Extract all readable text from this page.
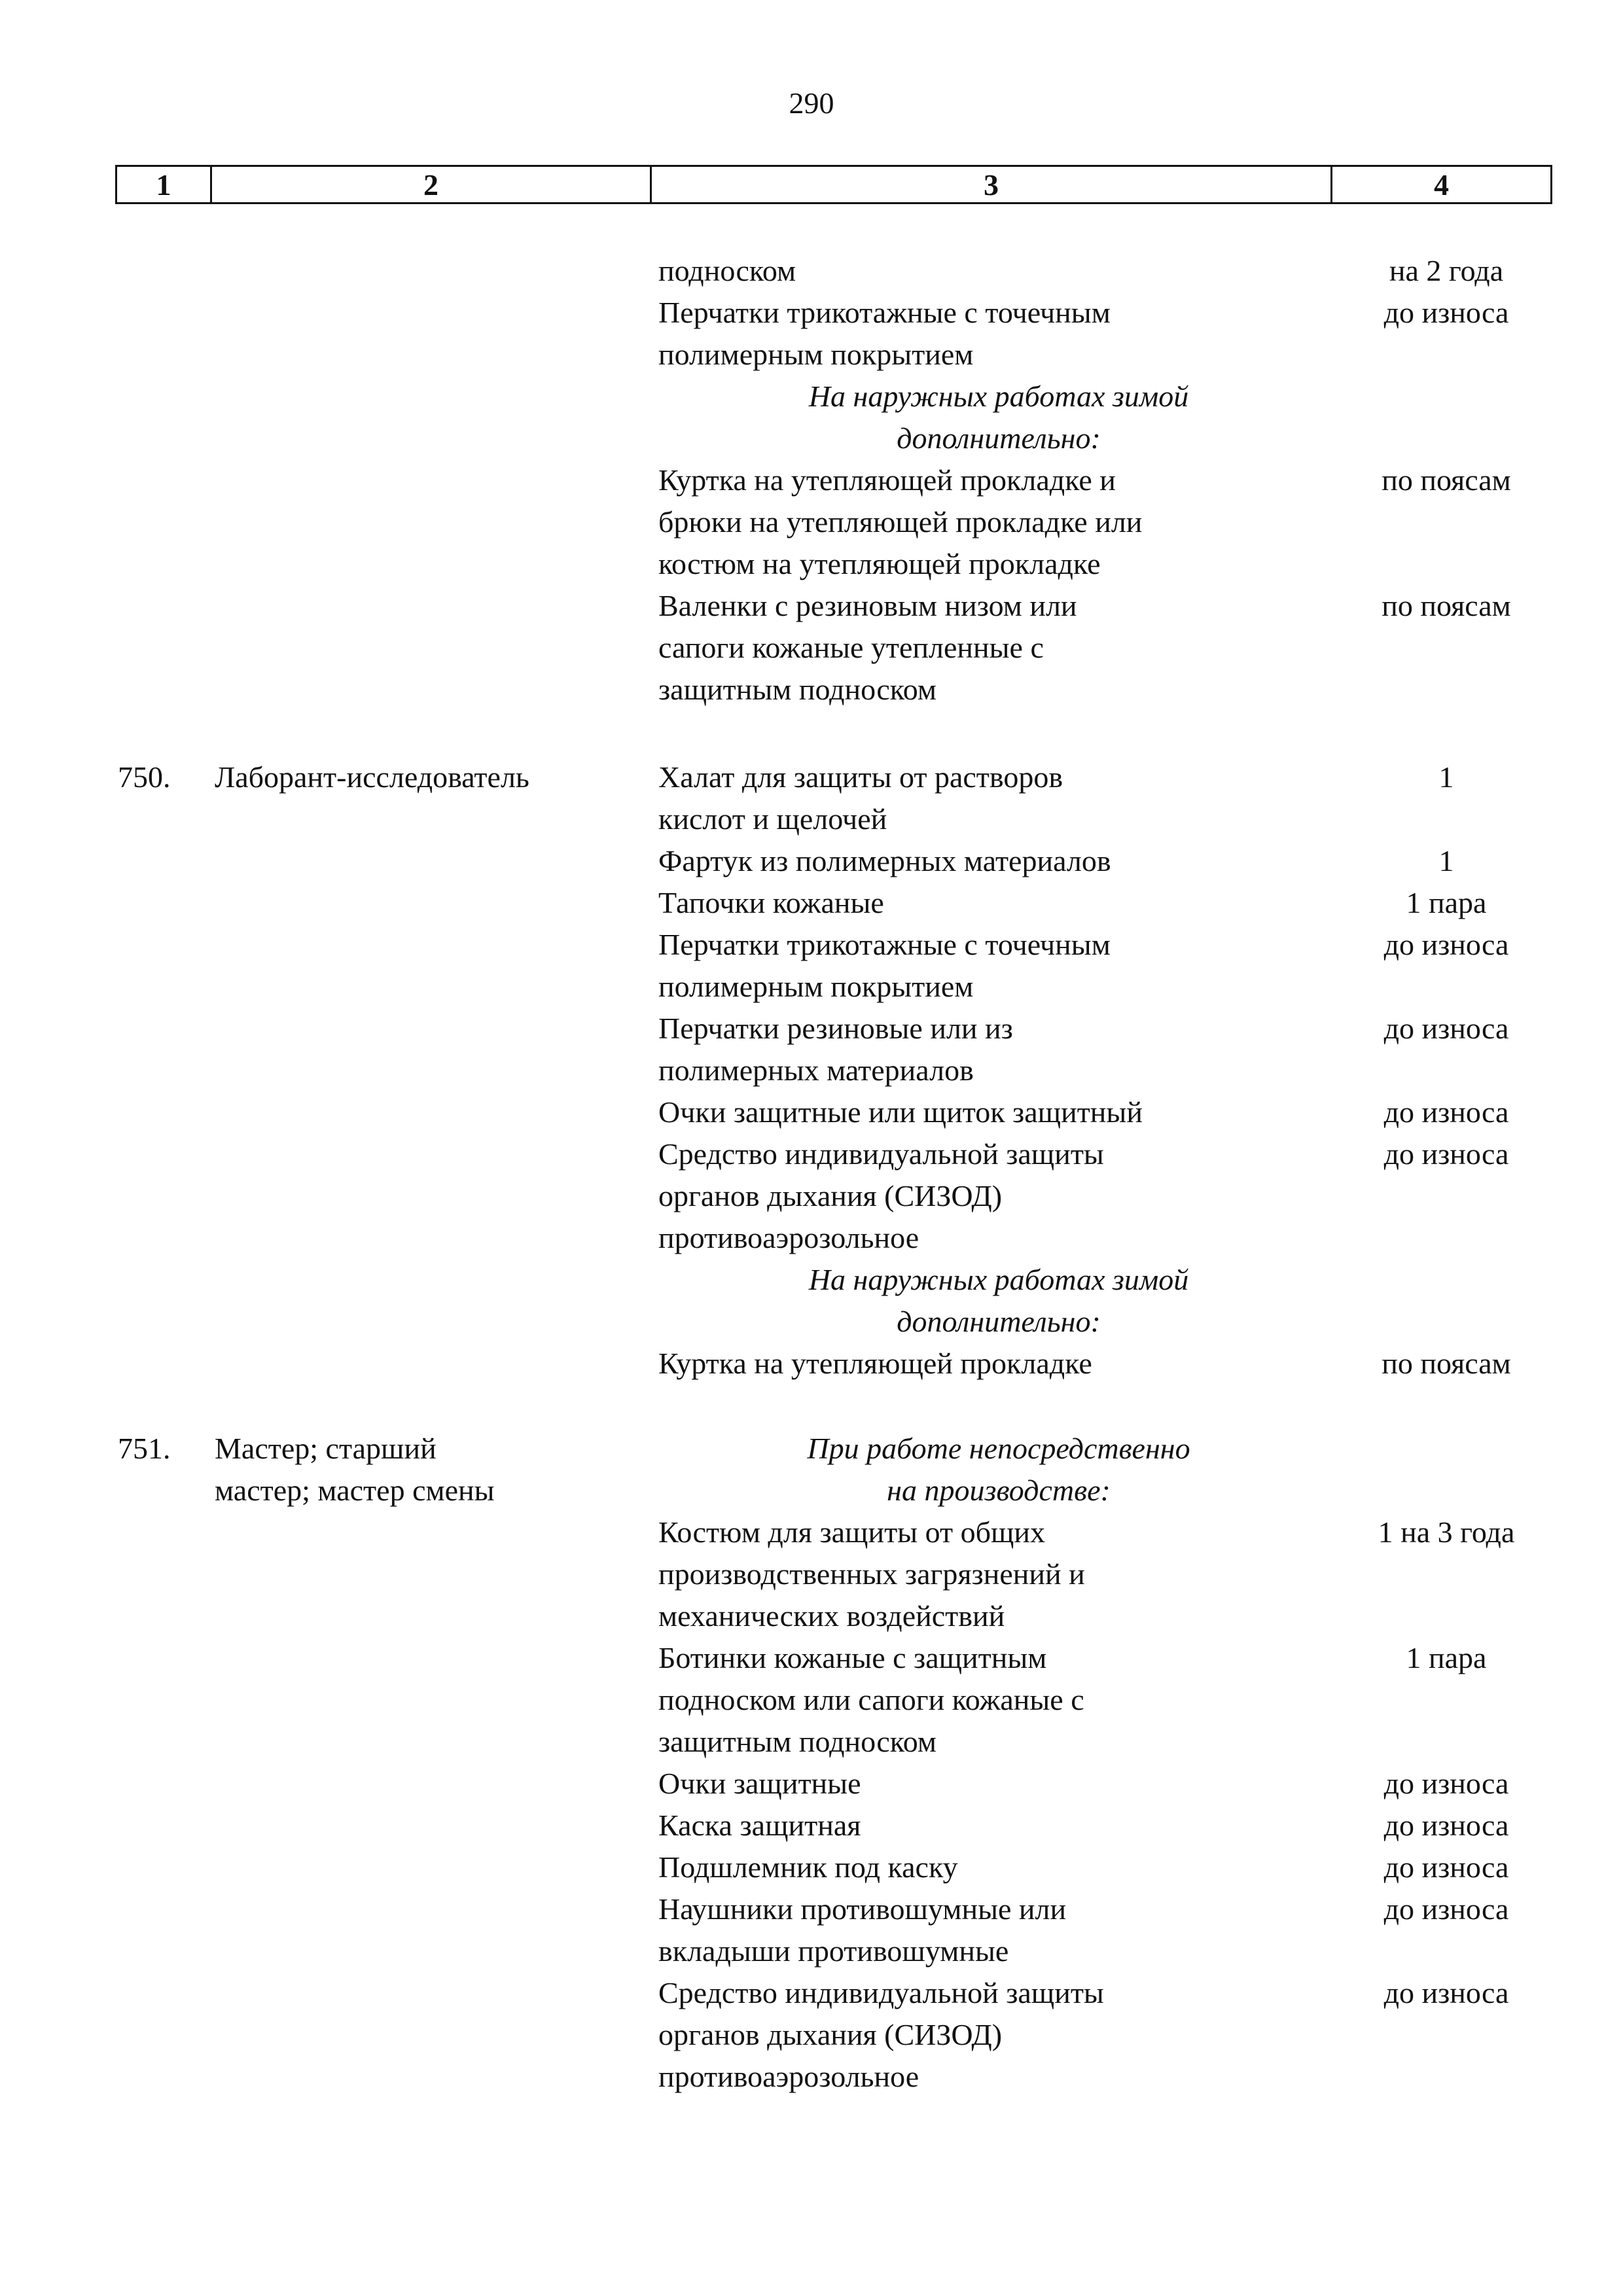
290
1	2	3	4
подноском	на 2 года
Перчатки трикотажные с точечным	до износа
полимерным покрытием
На наружных работах зимой
дополнительно:
Куртка на утепляющей прокладке и	по поясам
брюки на утепляющей прокладке или
костюм на утепляющей прокладке
Валенки с резиновым низом или	по поясам
сапоги кожаные утепленные с
защитным подноском
750. Лаборант-исследователь	Халат для защиты от растворов	1
кислот и щелочей
Фартук из полимерных материалов	1
Тапочки кожаные	1 пара
Перчатки трикотажные с точечным	до износа
полимерным покрытием
Перчатки резиновые или из	до износа
полимерных материалов
Очки защитные или щиток защитный	до износа
Средство индивидуальной защиты	до износа
органов дыхания (СИЗОД)
противоаэрозольное
На наружных работах зимой
дополнительно:
Куртка на утепляющей прокладке	по поясам
751. Мастер; старший
мастер; мастер смены
При работе непосредственно
на производстве:
Костюм для защиты от общих	1 на 3 года
производственных загрязнений и
механических воздействий
Ботинки кожаные с защитным	1 пара
подноском или сапоги кожаные с
защитным подноском
Очки защитные	до износа
Каска защитная	до износа
Подшлемник под каску	до износа
Наушники противошумные или	до износа
вкладыши противошумные
Средство индивидуальной защиты	до износа
органов дыхания (СИЗОД)
противоаэрозольное
